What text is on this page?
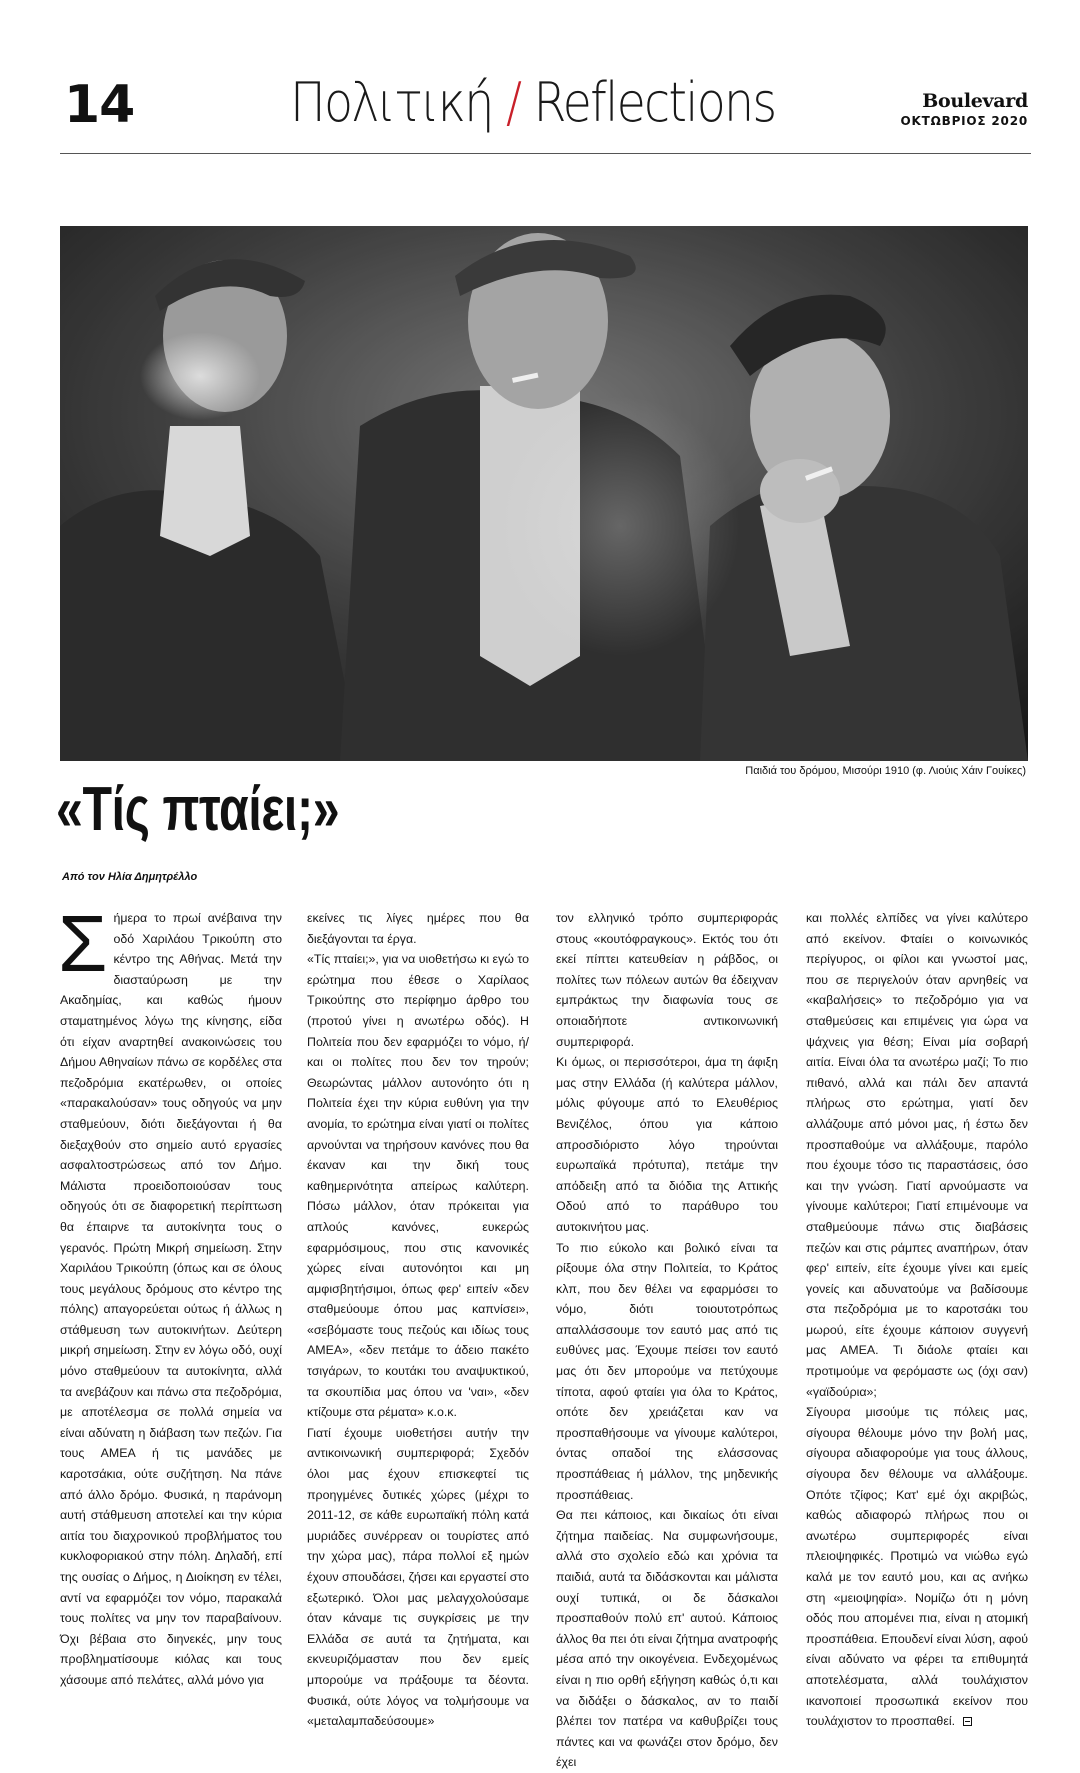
14	Πολιτική / Reflections	Boulevard
ΟΚΤΩΒΡΙΟΣ 2020
Παιδιά του δρόμου, Μισούρι 1910 (φ. Λιούις Χάιν Γουίκες)
«Τίς πταίει;»
Από τον Ηλία Δημητρέλλο
Σήμερα το πρωί ανέβαινα την οδό Χαριλάου Τρικούπη στο κέντρο της Αθήνας. Μετά την διασταύρωση με την Ακαδημίας, και καθώς ήμουν σταματημένος λόγω της κίνησης, είδα ότι είχαν αναρτηθεί ανακοινώσεις του Δήμου Αθηναίων πάνω σε κορδέλες στα πεζοδρόμια εκατέρωθεν, οι οποίες «παρακαλούσαν» τους οδηγούς να μην σταθμεύουν, διότι διεξάγονται ή θα διεξαχθούν στο σημείο αυτό εργασίες ασφαλτοστρώσεως από τον Δήμο. Μάλιστα προειδοποιούσαν τους οδηγούς ότι σε διαφορετική περίπτωση θα έπαιρνε τα αυτοκίνητα τους ο γερανός. Πρώτη Μικρή σημείωση. Στην Χαριλάου Τρικούπη (όπως και σε όλους τους μεγάλους δρόμους στο κέντρο της πόλης) απαγορεύεται ούτως ή άλλως η στάθμευση των αυτοκινήτων. Δεύτερη μικρή σημείωση. Στην εν λόγω οδό, ουχί μόνο σταθμεύουν τα αυτοκίνητα, αλλά τα ανεβάζουν και πάνω στα πεζοδρόμια, με αποτέλεσμα σε πολλά σημεία να είναι αδύνατη η διάβαση των πεζών. Για τους ΑΜΕΑ ή τις μανάδες με καροτσάκια, ούτε συζήτηση. Να πάνε από άλλο δρόμο. Φυσικά, η παράνομη αυτή στάθμευση αποτελεί και την κύρια αιτία του διαχρονικού προβλήματος του κυκλοφοριακού στην πόλη. Δηλαδή, επί της ουσίας ο Δήμος, η Διοίκηση εν τέλει, αντί να εφαρμόζει τον νόμο, παρακαλά τους πολίτες να μην τον παραβαίνουν. Όχι βέβαια στο διηνεκές, μην τους προβληματίσουμε κιόλας και τους χάσουμε από πελάτες, αλλά μόνο για
εκείνες τις λίγες ημέρες που θα διεξάγονται τα έργα.
«Τίς πταίει;», για να υιοθετήσω κι εγώ το ερώτημα που έθεσε ο Χαρίλαος Τρικούπης στο περίφημο άρθρο του (προτού γίνει η ανωτέρω οδός). Η Πολιτεία που δεν εφαρμόζει το νόμο, ή/και οι πολίτες που δεν τον τηρούν; Θεωρώντας μάλλον αυτονόητο ότι η Πολιτεία έχει την κύρια ευθύνη για την ανομία, το ερώτημα είναι γιατί οι πολίτες αρνούνται να τηρήσουν κανόνες που θα έκαναν και την δική τους καθημερινότητα απείρως καλύτερη. Πόσω μάλλον, όταν πρόκειται για απλούς κανόνες, ευκερώς εφαρμόσιμους, που στις κανονικές χώρες είναι αυτονόητοι και μη αμφισβητήσιμοι, όπως φερ' ειπείν «δεν σταθμεύουμε όπου μας καπνίσει», «σεβόμαστε τους πεζούς και ιδίως τους ΑΜΕΑ», «δεν πετάμε το άδειο πακέτο τσιγάρων, το κουτάκι του αναψυκτικού, τα σκουπίδια μας όπου να 'ναι», «δεν κτίζουμε στα ρέματα» κ.ο.κ.
Γιατί έχουμε υιοθετήσει αυτήν την αντικοινωνική συμπεριφορά; Σχεδόν όλοι μας έχουν επισκεφτεί τις προηγμένες δυτικές χώρες (μέχρι το 2011-12, σε κάθε ευρωπαϊκή πόλη κατά μυριάδες συνέρρεαν οι τουρίστες από την χώρα μας), πάρα πολλοί εξ ημών έχουν σπουδάσει, ζήσει και εργαστεί στο εξωτερικό. Όλοι μας μελαγχολούσαμε όταν κάναμε τις συγκρίσεις με την Ελλάδα σε αυτά τα ζητήματα, και εκνευριζόμασταν που δεν εμείς μπορούμε να πράξουμε τα δέοντα. Φυσικά, ούτε λόγος να τολμήσουμε να «μεταλαμπαδεύσουμε»
τον ελληνικό τρόπο συμπεριφοράς στους «κουτόφραγκους». Εκτός του ότι εκεί πίπτει κατευθείαν η ράβδος, οι πολίτες των πόλεων αυτών θα έδειχναν εμπράκτως την διαφωνία τους σε οποιαδήποτε αντικοινωνική συμπεριφορά.
Κι όμως, οι περισσότεροι, άμα τη άφιξη μας στην Ελλάδα (ή καλύτερα μάλλον, μόλις φύγουμε από το Ελευθέριος Βενιζέλος, όπου για κάποιο απροσδιόριστο λόγο τηρούνται ευρωπαϊκά πρότυπα), πετάμε την απόδειξη από τα διόδια της Αττικής Οδού από το παράθυρο του αυτοκινήτου μας.
Το πιο εύκολο και βολικό είναι τα ρίξουμε όλα στην Πολιτεία, το Κράτος κλπ, που δεν θέλει να εφαρμόσει το νόμο, διότι τοιουτοτρόπως απαλλάσσουμε τον εαυτό μας από τις ευθύνες μας. Έχουμε πείσει τον εαυτό μας ότι δεν μπορούμε να πετύχουμε τίποτα, αφού φταίει για όλα το Κράτος, οπότε δεν χρειάζεται καν να προσπαθήσουμε να γίνουμε καλύτεροι, όντας οπαδοί της ελάσσονας προσπάθειας ή μάλλον, της μηδενικής προσπάθειας.
Θα πει κάποιος, και δικαίως ότι είναι ζήτημα παιδείας. Να συμφωνήσουμε, αλλά στο σχολείο εδώ και χρόνια τα παιδιά, αυτά τα διδάσκονται και μάλιστα ουχί τυπικά, οι δε δάσκαλοι προσπαθούν πολύ επ' αυτού. Κάποιος άλλος θα πει ότι είναι ζήτημα ανατροφής μέσα από την οικογένεια. Ενδεχομένως είναι η πιο ορθή εξήγηση καθώς ό,τι και να διδάξει ο δάσκαλος, αν το παιδί βλέπει τον πατέρα να καθυβρίζει τους πάντες και να φωνάζει στον δρόμο, δεν έχει
και πολλές ελπίδες να γίνει καλύτερο από εκείνον. Φταίει ο κοινωνικός περίγυρος, οι φίλοι και γνωστοί μας, που σε περιγελούν όταν αρνηθείς να «καβαλήσεις» το πεζοδρόμιο για να σταθμεύσεις και επιμένεις για ώρα να ψάχνεις για θέση; Είναι μία σοβαρή αιτία. Είναι όλα τα ανωτέρω μαζί; Το πιο πιθανό, αλλά και πάλι δεν απαντά πλήρως στο ερώτημα, γιατί δεν αλλάζουμε από μόνοι μας, ή έστω δεν προσπαθούμε να αλλάξουμε, παρόλο που έχουμε τόσο τις παραστάσεις, όσο και την γνώση. Γιατί αρνούμαστε να γίνουμε καλύτεροι; Γιατί επιμένουμε να σταθμεύουμε πάνω στις διαβάσεις πεζών και στις ράμπες αναπήρων, όταν φερ' ειπείν, είτε έχουμε γίνει και εμείς γονείς και αδυνατούμε να βαδίσουμε στα πεζοδρόμια με το καροτσάκι του μωρού, είτε έχουμε κάποιον συγγενή μας ΑΜΕΑ. Τι διάολε φταίει και προτιμούμε να φερόμαστε ως (όχι σαν) «γαϊδούρια»;
Σίγουρα μισούμε τις πόλεις μας, σίγουρα θέλουμε μόνο την βολή μας, σίγουρα αδιαφορούμε για τους άλλους, σίγουρα δεν θέλουμε να αλλάξουμε. Οπότε τζίφος; Κατ' εμέ όχι ακριβώς, καθώς αδιαφορώ πλήρως που οι ανωτέρω συμπεριφορές είναι πλειοψηφικές. Προτιμώ να νιώθω εγώ καλά με τον εαυτό μου, και ας ανήκω στη «μειοψηφία». Νομίζω ότι η μόνη οδός που απομένει πια, είναι η ατομική προσπάθεια. Επουδενί είναι λύση, αφού είναι αδύνατο να φέρει τα επιθυμητά αποτελέσματα, αλλά τουλάχιστον ικανοποιεί προσωπικά εκείνον που τουλάχιστον το προσπαθεί.
